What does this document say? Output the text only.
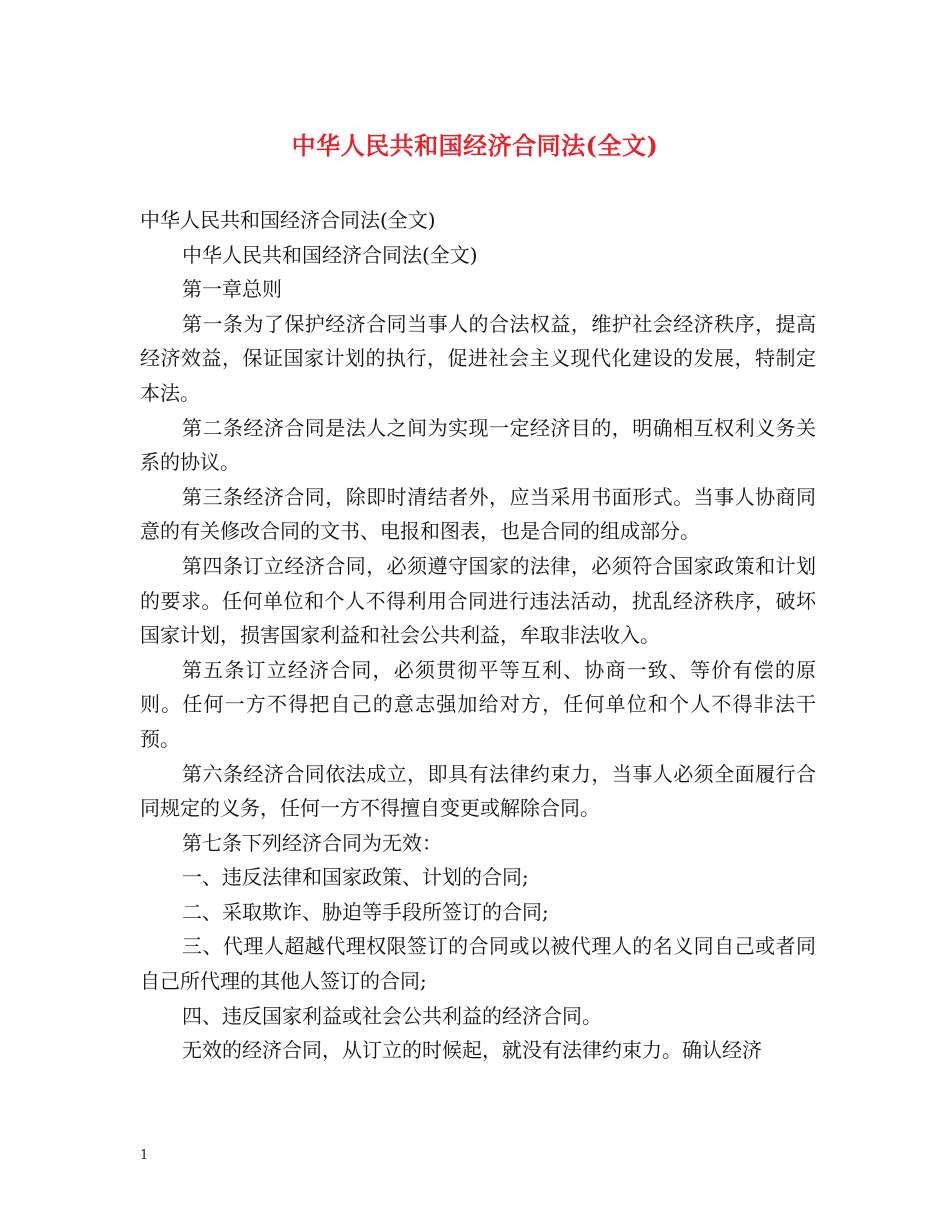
中华人民共和国经济合同法(全文)

中华人民共和国经济合同法(全文)

中华人民共和国经济合同法(全文)

第一章总则

第一条为了保护经济合同当事人的合法权益，维护社会经济秩序，提高经济效益，保证国家计划的执行，促进社会主义现代化建设的发展，特制定本法。

第二条经济合同是法人之间为实现一定经济目的，明确相互权利义务关系的协议。

第三条经济合同，除即时清结者外，应当采用书面形式。当事人协商同意的有关修改合同的文书、电报和图表，也是合同的组成部分。

第四条订立经济合同，必须遵守国家的法律，必须符合国家政策和计划的要求。任何单位和个人不得利用合同进行违法活动，扰乱经济秩序，破坏国家计划，损害国家利益和社会公共利益，牟取非法收入。

第五条订立经济合同，必须贯彻平等互利、协商一致、等价有偿的原则。任何一方不得把自己的意志强加给对方，任何单位和个人不得非法干预。

第六条经济合同依法成立，即具有法律约束力，当事人必须全面履行合同规定的义务，任何一方不得擅自变更或解除合同。

第七条下列经济合同为无效：

一、违反法律和国家政策、计划的合同;

二、采取欺诈、胁迫等手段所签订的合同;

三、代理人超越代理权限签订的合同或以被代理人的名义同自己或者同自己所代理的其他人签订的合同;

四、违反国家利益或社会公共利益的经济合同。

无效的经济合同，从订立的时候起，就没有法律约束力。确认经济

1
